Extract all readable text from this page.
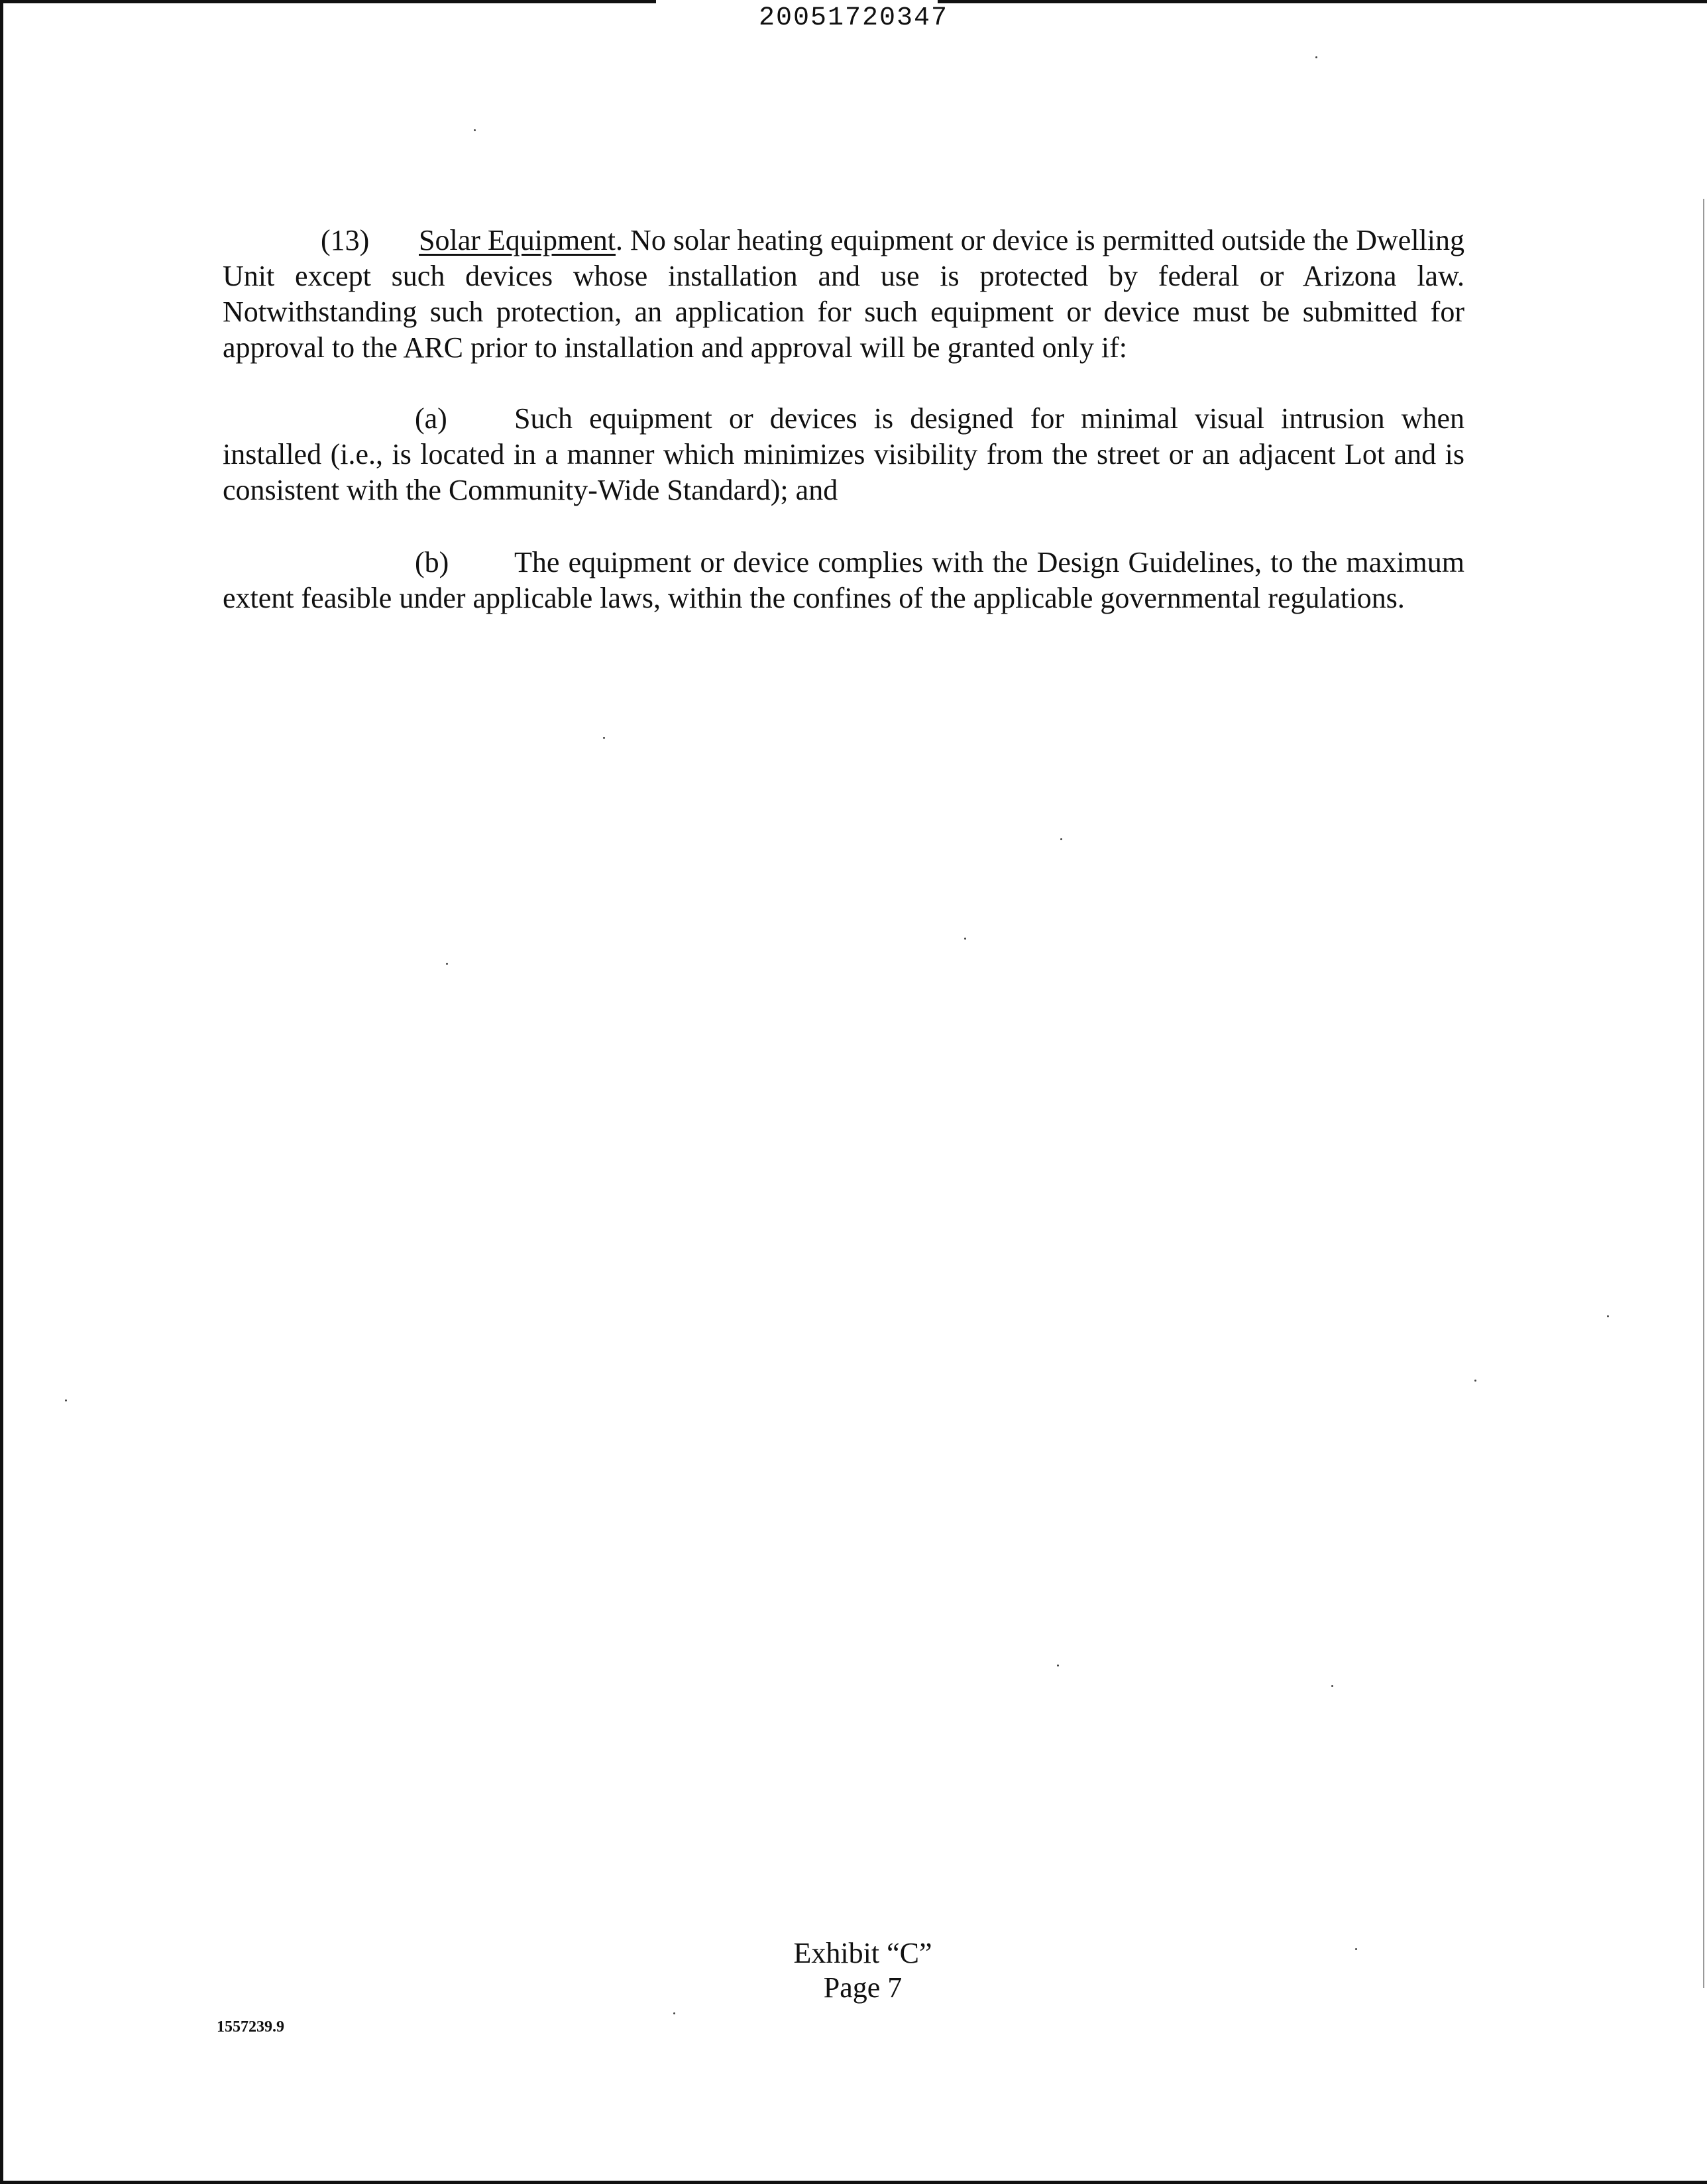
20051720347
(13) Solar Equipment. No solar heating equipment or device is permitted outside the Dwelling Unit except such devices whose installation and use is protected by federal or Arizona law. Notwithstanding such protection, an application for such equipment or device must be submitted for approval to the ARC prior to installation and approval will be granted only if:
(a) Such equipment or devices is designed for minimal visual intrusion when installed (i.e., is located in a manner which minimizes visibility from the street or an adjacent Lot and is consistent with the Community-Wide Standard); and
(b) The equipment or device complies with the Design Guidelines, to the maximum extent feasible under applicable laws, within the confines of the applicable governmental regulations.
Exhibit “C”
Page 7
1557239.9
